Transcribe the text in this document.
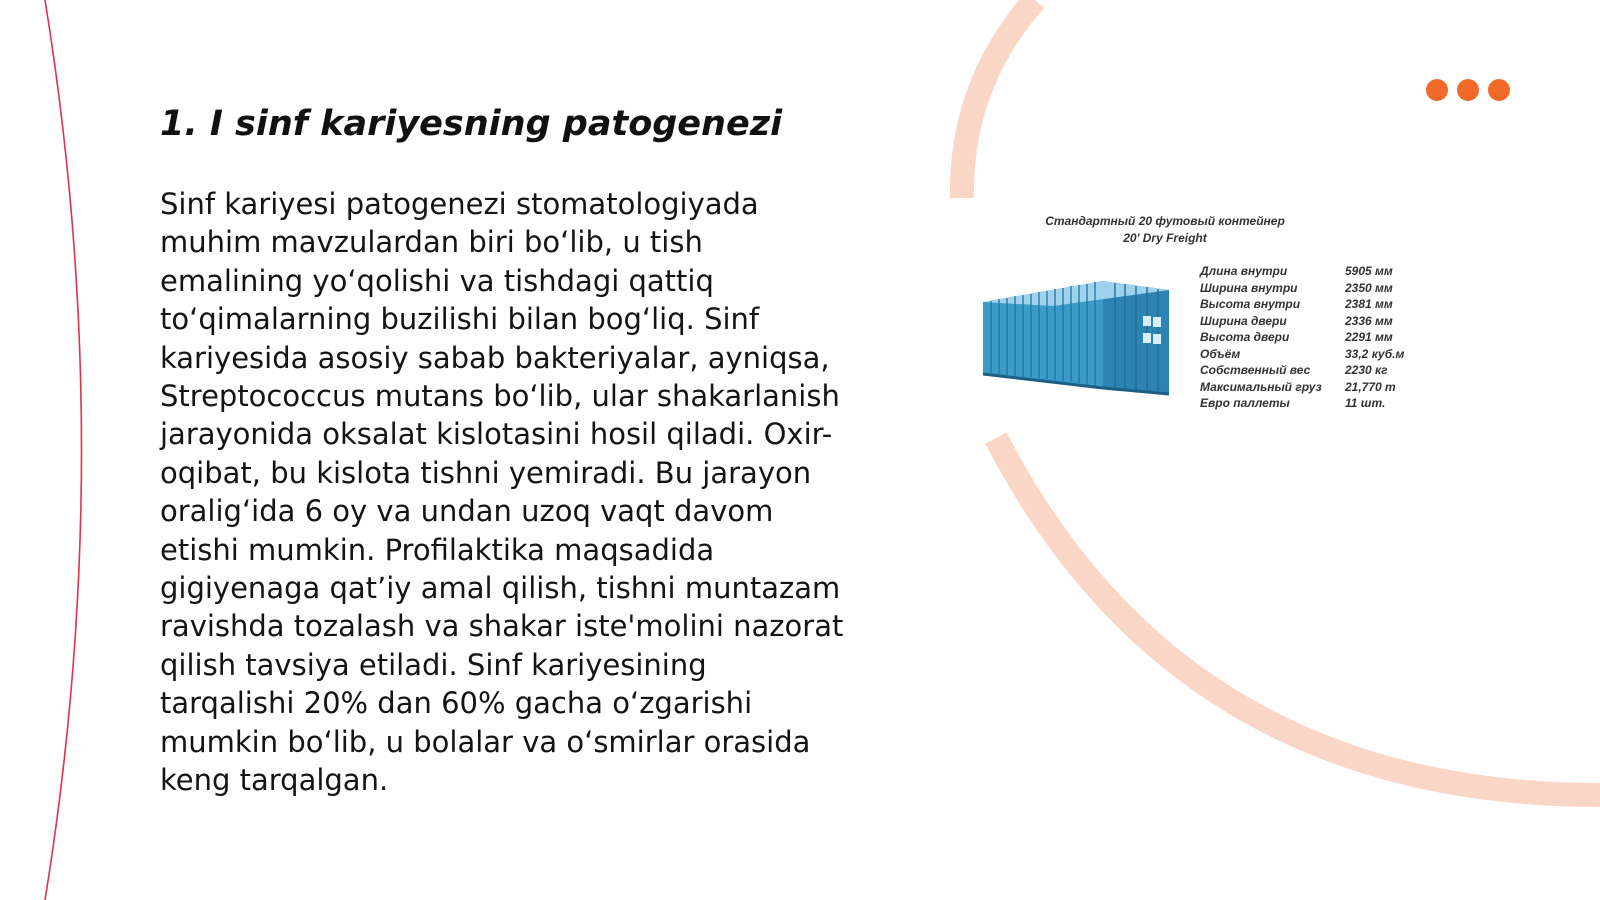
1. I sinf kariyesning patogenezi

Sinf kariyesi patogenezi stomatologiyada muhim mavzulardan biri bo‘lib, u tish emalining yo‘qolishi va tishdagi qattiq to‘qimalarning buzilishi bilan bog‘liq. Sinf kariyesida asosiy sabab bakteriyalar, ayniqsa, Streptococcus mutans bo‘lib, ular shakarlanish jarayonida oksalat kislotasini hosil qiladi. Oxir-oqibat, bu kislota tishni yemiradi. Bu jarayon oralig‘ida 6 oy va undan uzoq vaqt davom etishi mumkin. Profilaktika maqsadida gigiyenaga qat’iy amal qilish, tishni muntazam ravishda tozalash va shakar iste'molini nazorat qilish tavsiya etiladi. Sinf kariyesining tarqalishi 20% dan 60% gacha o‘zgarishi mumkin bo‘lib, u bolalar va o‘smirlar orasida keng tarqalgan.

Стандартный 20 футовый контейнер
20' Dry Freight
Длина внутри	5905 мм
Ширина внутри	2350 мм
Высота внутри	2381 мм
Ширина двери	2336 мм
Высота двери	2291 мм
Объём	33,2 куб.м
Собственный вес	2230 кг
Максимальный груз	21,770 т
Евро паллеты	11 шт.
